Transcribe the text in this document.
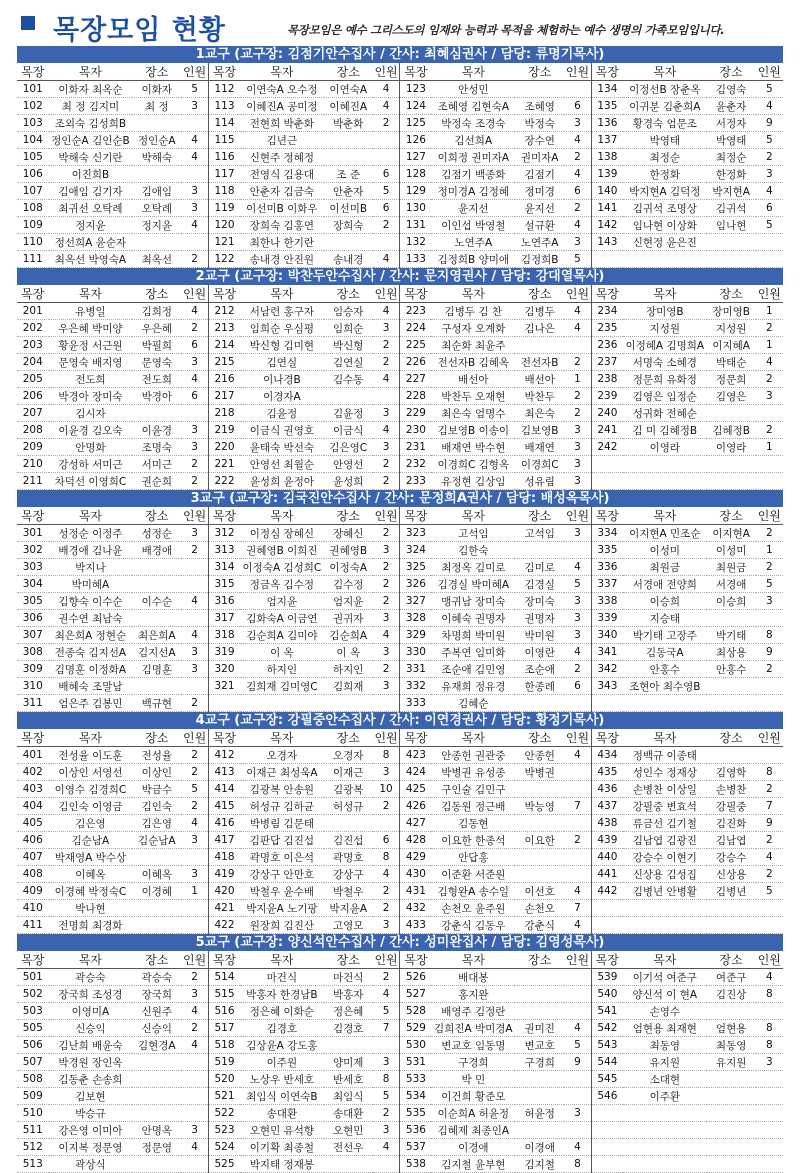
목장모임 현황	목장모임은 예수 그리스도의 임재와 능력과 목적을 체험하는 예수 생명의 가족모임입니다.
1교구 (교구장: 김점기안수집사 / 간사: 최혜심권사 / 담당: 류명기목사)
목장	목자	장소	인원	목장	목자	장소	인원	목장	목자	장소	인원	목장	목자	장소	인원
101	이화자 최옥순	이화자	5	112	이연숙A 오수정	이연숙A	4	123	안성민			134	이정선B 장춘옥	김영숙	5
102	최 정 김지미	최 정	3	113	이혜진A 공미정	이혜진A	4	124	조혜영 김현숙A	조혜영	6	135	이귀분 김춘희A	윤춘자	4
103	조외숙 김성희B			114	전현희 박춘화	박춘화	2	125	박정숙 조경숙	박정숙	3	136	황경숙 엄문조	서정자	9
104	정인순A 김인순B	정인순A	4	115	김년근			126	김선희A	장수연	4	137	박영태	박영태	5
105	박해숙 신기란	박해숙	4	116	신현주 정혜정			127	이희정 권미자A	권미자A	2	138	최정순	최정순	2
106	이진희B			117	전영식 김용대	조 준	6	128	김점기 백종화	김점기	4	139	한정화	한정화	3
107	김애임 김기자	김애임	3	118	안춘자 김금숙	안춘자	5	129	정미경A 김정혜	정미경	6	140	박지현A 김덕정	박지현A	4
108	최귀선 오탁례	오탁례	3	119	이선미B 이화우	이선미B	6	130	윤지선	윤지선	2	141	김귀석 조명상	김귀석	6
109	정지윤	정지윤	4	120	장희숙 김홍연	장희숙	2	131	이인섭 박영철	설규환	4	142	임나현 이상화	임나현	5
110	정선희A 윤순자			121	최한나 한기란			132	노연주A	노연주A	3	143	신현정 윤은진		
111	최옥선 박영숙A	최옥선	2	122	송내경 안진원	송내경	4	133	김정희B 양미애	김정희B	5				
2교구 (교구장: 박찬두안수집사 / 간사: 문지영권사 / 담당: 강대열목사)
목장	목자	장소	인원	목장	목자	장소	인원	목장	목자	장소	인원	목장	목자	장소	인원
201	유병일	김희정	4	212	서남련 홍구자	임승자	4	223	김병두 김 찬	김병두	4	234	장미영B	장미영B	1
202	우은혜 박미양	우은혜	2	213	임희순 우심평	임희순	3	224	구성자 오계화	김나은	4	235	지성원	지성원	2
203	황윤정 서근원	박필희	6	214	박신형 김미현	박신형	2	225	최순화 최윤주			236	이정혜A 김명희A	이지혜A	1
204	문영숙 배지영	문영숙	3	215	김연실	김연실	2	226	전선자B 김혜옥	전선자B	2	237	서명숙 소혜경	박태순	4
205	전도희	전도희	4	216	이나경B	김수동	4	227	배선아	배선아	1	238	정문희 유화정	정문희	2
206	박경아 장미숙	박경아	6	217	이경자A			228	박찬두 오재현	박찬두	2	239	김영은 임정순	김영은	3
207	김시자			218	김윤정	김윤정	3	229	최은숙 엄명수	최은숙	2	240	성귀화 전혜순		
208	이윤경 김오숙	이윤경	3	219	이금식 권영호	이금식	4	230	김보영B 이송이	김보영B	3	241	김 미 김혜정B	김혜정B	2
209	안명화	조명숙	3	220	윤태숙 박선숙	김은영C	3	231	배재연 박수현	배재연	3	242	이영라	이영라	1
210	강성하 서미근	서미근	2	221	안영선 최월순	안영선	2	232	이경희C 김형옥	이경희C	3				
211	차덕선 이영희C	권순희	2	222	윤성희 윤정아	윤성희	2	233	유정현 김상임	성유림	3				
3교구 (교구장: 김국진안수집사 / 간사: 문정희A권사 / 담당: 배성옥목사)
목장	목자	장소	인원	목장	목자	장소	인원	목장	목자	장소	인원	목장	목자	장소	인원
301	성정순 이정주	성정순	3	312	이정심 장혜신	장혜신	2	323	고석임	고석임	3	334	이지현A 민조순	이지현A	2
302	배경애 김나윤	배경애	2	313	권혜영B 이희진	권혜영B	3	324	김한숙			335	이성미	이성미	1
303	박지나			314	이정숙A 김성희C	이정숙A	2	325	최정옥 김미로	김미로	4	336	최원금	최원금	2
304	박미혜A			315	정금옥 김수정	김수정	2	326	김경실 박미혜A	김경실	5	337	서경애 전양희	서경애	5
305	김향숙 이수순	이수순	4	316	엄지윤	엄지윤	2	327	맹귀남 장미숙	장미숙	3	338	이승희	이승희	3
306	권수연 최남숙			317	김화숙A 이금연	권귀자	3	328	이혜숙 권명자	권명자	3	339	지승태		
307	최은희A 정현순	최은희A	4	318	김순희A 김미야	김순희A	4	329	차명희 박미원	박미원	3	340	박기태 고장주	박기태	8
308	전종숙 김지선A	김지선A	3	319	이 옥	이 옥	3	330	주복연 임미화	이영란	4	341	김동국A	최상용	9
309	김명훈 이정화A	김명훈	3	320	하지인	하지인	2	331	조순애 김민영	조순애	2	342	안홍수	안홍수	2
310	배혜숙 조말남			321	김희재 김미영C	김희재	3	332	유재희 정유경	한종례	6	343	조현아 최수영B		
311	엄은주 김봉민	백규현	2					333	김혜순						
4교구 (교구장: 강필중안수집사 / 간사: 이연경권사 / 담당: 황정기목사)
목장	목자	장소	인원	목장	목자	장소	인원	목장	목자	장소	인원	목장	목자	장소	인원
401	전성율 이도훈	전성율	2	412	오경자	오경자	8	423	안종헌 권관중	안종헌	4	434	정백규 이종태		
402	이상인 서영선	이상인	2	413	이재근 최성욱A	이재근	3	424	박병권 유성종	박병권		435	성인수 정재상	김영학	8
403	이영수 김경희C	박금수	5	414	김광복 안송원	김광복	10	425	구인술 김민구			436	손병찬 이상일	손병찬	2
404	김인숙 이영금	김인숙	2	415	허성규 김하균	허성규	2	426	김동원 정근배	박능영	7	437	강필중 변효석	강필중	7
405	김은영	김은영	4	416	박병림 김문태			427	김동현			438	류금선 김기철	김진화	9
406	김순남A	김순남A	3	417	김판답 김진섭	김진섭	6	428	이요한 한종석	이요한	2	439	김남엽 김광진	김남엽	2
407	박재영A 박수상			418	곽명호 이은석	곽명호	8	429	안답홍			440	강승수 이현기	강승수	4
408	이혜옥	이혜옥	3	419	강상구 안만호	강상구	4	430	이준환 서준원			441	신상용 김성집	신상용	2
409	이경혜 박정숙C	이경혜	1	420	박철우 윤수배	박철우	2	431	김형완A 송수일	이선호	4	442	김병년 안병활	김병년	5
410	박나현			421	박지윤A 노기팡	박지윤A	2	432	손천오 윤주원	손천오	7				
411	전명희 최경화			422	원장희 김진산	고영모	3	433	강춘식 김동우	강춘식	4				
5교구 (교구장: 양신석안수집사 / 간사: 성미완집사 / 담당: 김영성목사)
목장	목자	장소	인원	목장	목자	장소	인원	목장	목자	장소	인원	목장	목자	장소	인원
501	곽승숙	곽승숙	2	514	마건식	마건식	2	526	배대봉			539	이기석 여준구	여준구	4
502	장국희 조성경	장국희	3	515	박홍자 한경남B	박홍자	4	527	홍지완			540	양신석 이 현A	김진상	8
503	이영미A	신원주	4	516	정은혜 이화순	정은혜	5	528	배영주 김정란			541	손영수		
505	신승익	신승익	2	517	김경호	김경호	7	529	김희진A 박미경A	권미진	4	542	엄현용 최재현	엄현용	8
506	김난희 배윤숙	김현경A	4	518	김상윤A 강도홍			530	변교호 임동명	변교호	5	543	최동영	최동영	8
507	박경원 장인옥			519	이주원	양미제	3	531	구경희	구경희	9	544	유지원	유지원	3
508	김동춘 손송희			520	노상우 반세호	반세호	8	533	박 민			545	소대현		
509	김보현			521	최임식 이연숙B	최임식	5	534	이건희 황준모			546	이주환		
510	박승규			522	송대환	송대환	2	535	이순희A 허윤정	허윤정	3				
511	강은영 이미아	안명옥	3	523	오현민 유석향	오현민	3	536	김혜제 최종인A						
512	이지복 정문영	정문영	4	524	이기확 최종철	전선우	4	537	이경애	이경애	4				
513	곽상식			525	박지태 정재봉			538	김지철 윤부현	김지철	8				
